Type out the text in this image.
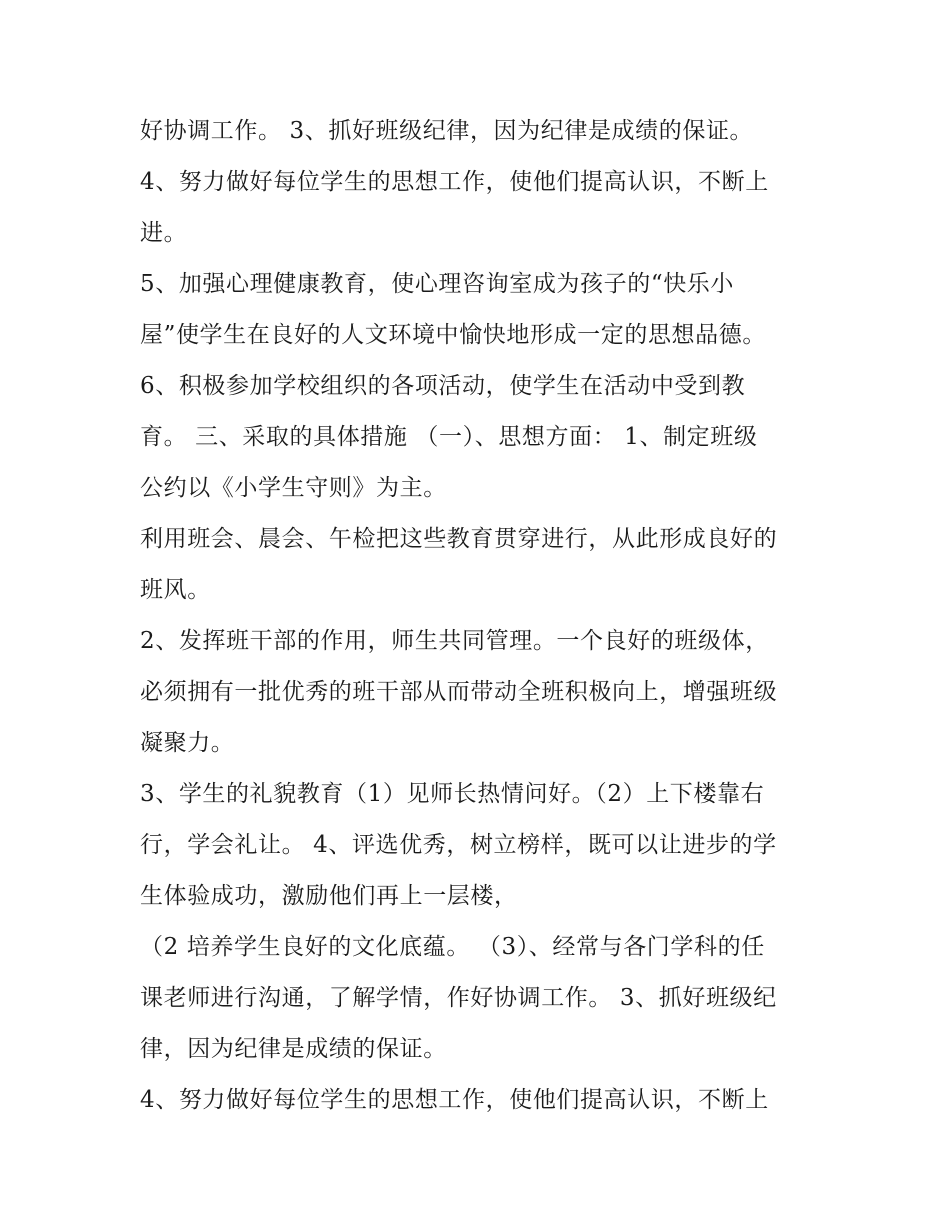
好协调工作。 3、抓好班级纪律，因为纪律是成绩的保证。
4、努力做好每位学生的思想工作，使他们提高认识，不断上
进。
5、加强心理健康教育，使心理咨询室成为孩子的“快乐小
屋”使学生在良好的人文环境中愉快地形成一定的思想品德。
6、积极参加学校组织的各项活动，使学生在活动中受到教
育。 三、采取的具体措施 （一）、思想方面： 1、制定班级
公约以《小学生守则》为主。
利用班会、晨会、午检把这些教育贯穿进行，从此形成良好的
班风。
2、发挥班干部的作用，师生共同管理。一个良好的班级体，
必须拥有一批优秀的班干部从而带动全班积极向上，增强班级
凝聚力。
3、学生的礼貌教育（1）见师长热情问好。（2）上下楼靠右
行，学会礼让。 4、评选优秀，树立榜样，既可以让进步的学
生体验成功，激励他们再上一层楼，
（2 培养学生良好的文化底蕴。 （3）、经常与各门学科的任
课老师进行沟通，了解学情，作好协调工作。 3、抓好班级纪
律，因为纪律是成绩的保证。
4、努力做好每位学生的思想工作，使他们提高认识，不断上
